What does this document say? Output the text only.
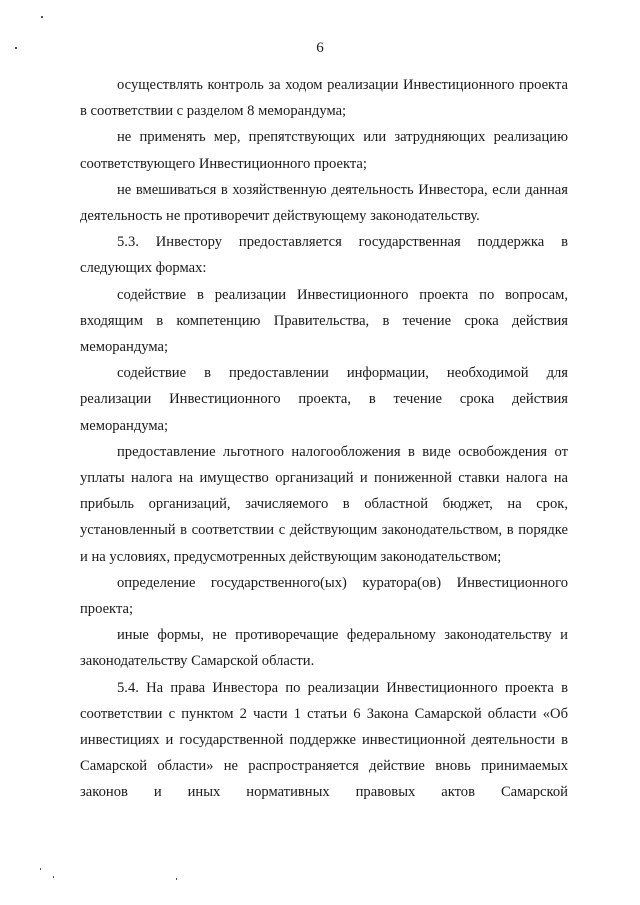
6

осуществлять контроль за ходом реализации Инвестиционного проекта в соответствии с разделом 8 меморандума;

не применять мер, препятствующих или затрудняющих реализацию соответствующего Инвестиционного проекта;

не вмешиваться в хозяйственную деятельность Инвестора, если данная деятельность не противоречит действующему законодательству.

5.3. Инвестору предоставляется государственная поддержка в следующих формах:

содействие в реализации Инвестиционного проекта по вопросам, входящим в компетенцию Правительства, в течение срока действия меморандума;

содействие в предоставлении информации, необходимой для реализации Инвестиционного проекта, в течение срока действия меморандума;

предоставление льготного налогообложения в виде освобождения от уплаты налога на имущество организаций и пониженной ставки налога на прибыль организаций, зачисляемого в областной бюджет, на срок, установленный в соответствии с действующим законодательством, в порядке и на условиях, предусмотренных действующим законодательством;

определение государственного(ых) куратора(ов) Инвестиционного проекта;

иные формы, не противоречащие федеральному законодательству и законодательству Самарской области.

5.4. На права Инвестора по реализации Инвестиционного проекта в соответствии с пунктом 2 части 1 статьи 6 Закона Самарской области «Об инвестициях и государственной поддержке инвестиционной деятельности в Самарской области» не распространяется действие вновь принимаемых законов и иных нормативных правовых актов Самарской
